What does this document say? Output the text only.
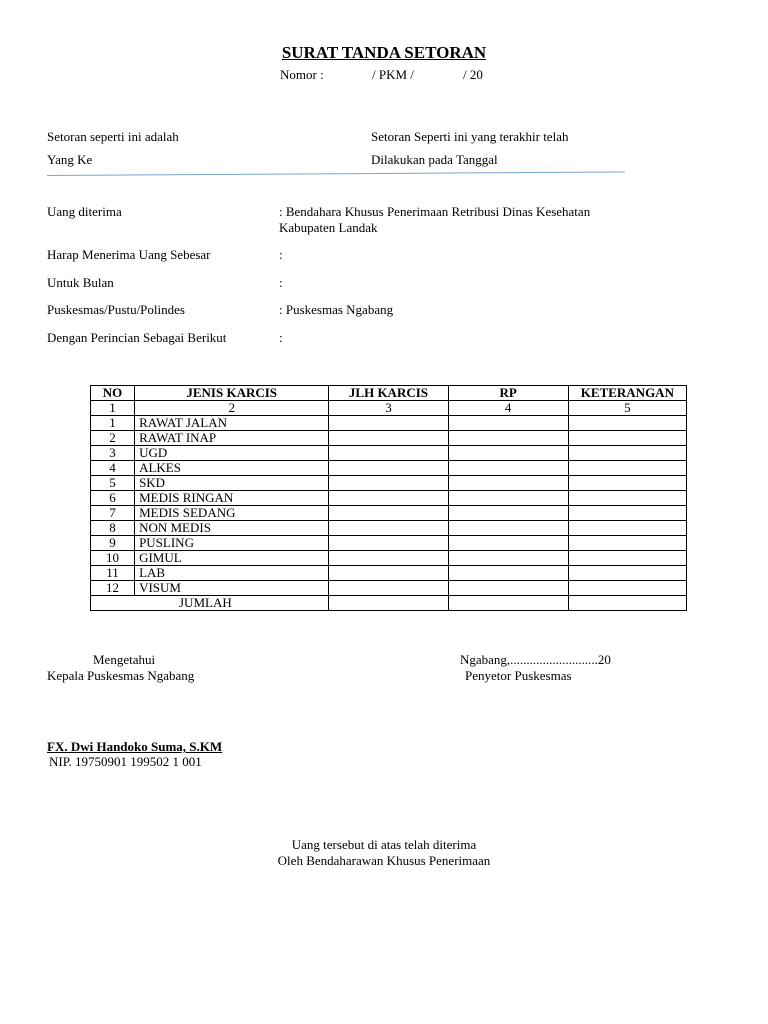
SURAT TANDA SETORAN
Nomor :	/ PKM /	/ 20
Setoran seperti ini adalah
Yang Ke
Setoran Seperti ini yang terakhir telah
Dilakukan pada Tanggal
Uang diterima	: Bendahara Khusus Penerimaan Retribusi Dinas Kesehatan
Kabupaten Landak
Harap Menerima Uang Sebesar	:
Untuk Bulan	:
Puskesmas/Pustu/Polindes	: Puskesmas Ngabang
Dengan Perincian Sebagai Berikut	:
NO	JENIS KARCIS	JLH KARCIS	RP	KETERANGAN
1	2	3	4	5
1	RAWAT JALAN			
2	RAWAT INAP			
3	UGD			
4	ALKES			
5	SKD			
6	MEDIS RINGAN			
7	MEDIS SEDANG			
8	NON MEDIS			
9	PUSLING			
10	GIMUL			
11	LAB			
12	VISUM			
JUMLAH				
Mengetahui
Kepala Puskesmas Ngabang
Ngabang,...........................20
Penyetor Puskesmas
FX. Dwi Handoko Suma, S.KM
NIP. 19750901 199502 1 001
Uang tersebut di atas telah diterima
Oleh Bendaharawan Khusus Penerimaan
